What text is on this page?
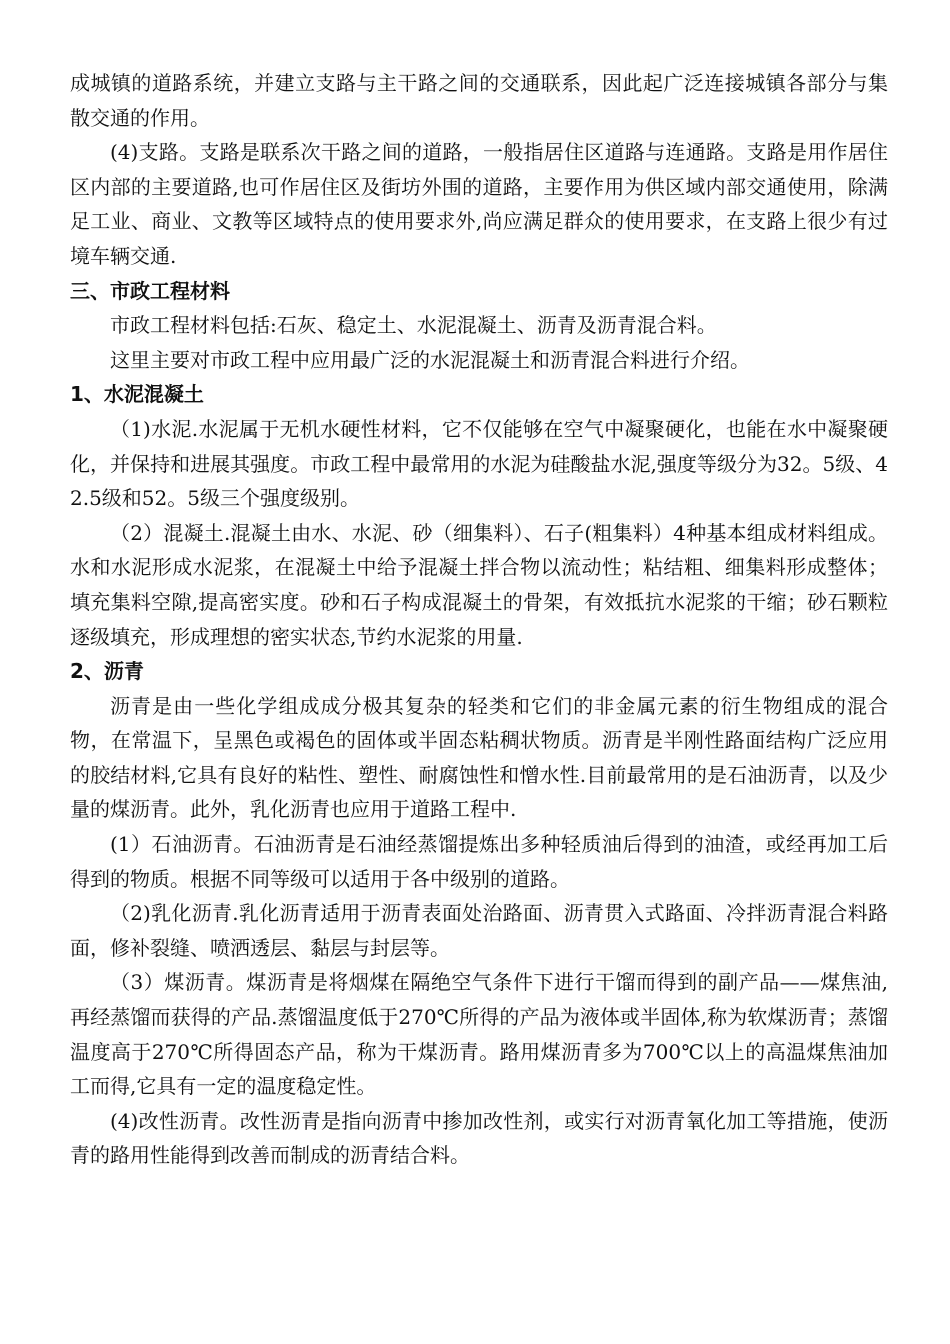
成城镇的道路系统，并建立支路与主干路之间的交通联系，因此起广泛连接城镇各部分与集散交通的作用。

(4)支路。支路是联系次干路之间的道路，一般指居住区道路与连通路。支路是用作居住区内部的主要道路,也可作居住区及街坊外围的道路，主要作用为供区域内部交通使用，除满足工业、商业、文教等区域特点的使用要求外,尚应满足群众的使用要求，在支路上很少有过境车辆交通.

三、市政工程材料

市政工程材料包括:石灰、稳定土、水泥混凝土、沥青及沥青混合料。

这里主要对市政工程中应用最广泛的水泥混凝土和沥青混合料进行介绍。

1、水泥混凝土

（1)水泥.水泥属于无机水硬性材料，它不仅能够在空气中凝聚硬化，也能在水中凝聚硬化，并保持和进展其强度。市政工程中最常用的水泥为硅酸盐水泥,强度等级分为32。5级、42.5级和52。5级三个强度级别。

（2）混凝土.混凝土由水、水泥、砂（细集料）、石子(粗集料）4种基本组成材料组成。水和水泥形成水泥浆，在混凝土中给予混凝土拌合物以流动性；粘结粗、细集料形成整体；填充集料空隙,提高密实度。砂和石子构成混凝土的骨架，有效抵抗水泥浆的干缩；砂石颗粒逐级填充，形成理想的密实状态,节约水泥浆的用量.

2、沥青

沥青是由一些化学组成成分极其复杂的轻类和它们的非金属元素的衍生物组成的混合物，在常温下，呈黑色或褐色的固体或半固态粘稠状物质。沥青是半刚性路面结构广泛应用的胶结材料,它具有良好的粘性、塑性、耐腐蚀性和憎水性.目前最常用的是石油沥青，以及少量的煤沥青。此外，乳化沥青也应用于道路工程中.

(1）石油沥青。石油沥青是石油经蒸馏提炼出多种轻质油后得到的油渣，或经再加工后得到的物质。根据不同等级可以适用于各中级别的道路。

（2)乳化沥青.乳化沥青适用于沥青表面处治路面、沥青贯入式路面、冷拌沥青混合料路面，修补裂缝、喷洒透层、黏层与封层等。

（3）煤沥青。煤沥青是将烟煤在隔绝空气条件下进行干馏而得到的副产品——煤焦油,再经蒸馏而获得的产品.蒸馏温度低于270℃所得的产品为液体或半固体,称为软煤沥青；蒸馏温度高于270℃所得固态产品，称为干煤沥青。路用煤沥青多为700℃以上的高温煤焦油加工而得,它具有一定的温度稳定性。

(4)改性沥青。改性沥青是指向沥青中掺加改性剂，或实行对沥青氧化加工等措施，使沥青的路用性能得到改善而制成的沥青结合料。
